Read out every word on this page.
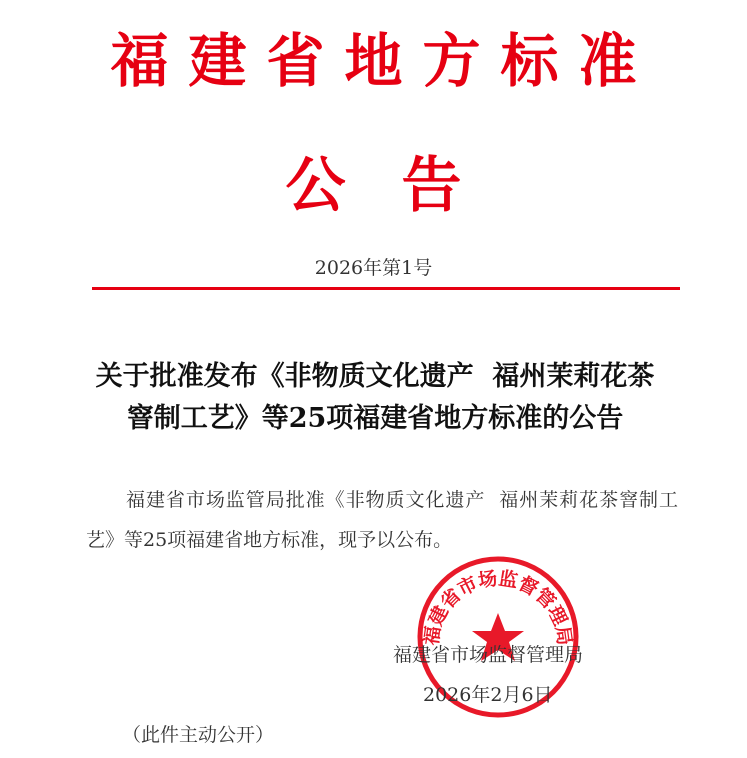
福建省地方标准
公告
2026年第1号
关于批准发布《非物质文化遗产  福州茉莉花茶
窨制工艺》等25项福建省地方标准的公告
福建省市场监管局批准《非物质文化遗产  福州茉莉花茶窨制工艺》等25项福建省地方标准，现予以公布。
福建省市场监督管理局
福建省市场监督管理局
2026年2月6日
（此件主动公开）
